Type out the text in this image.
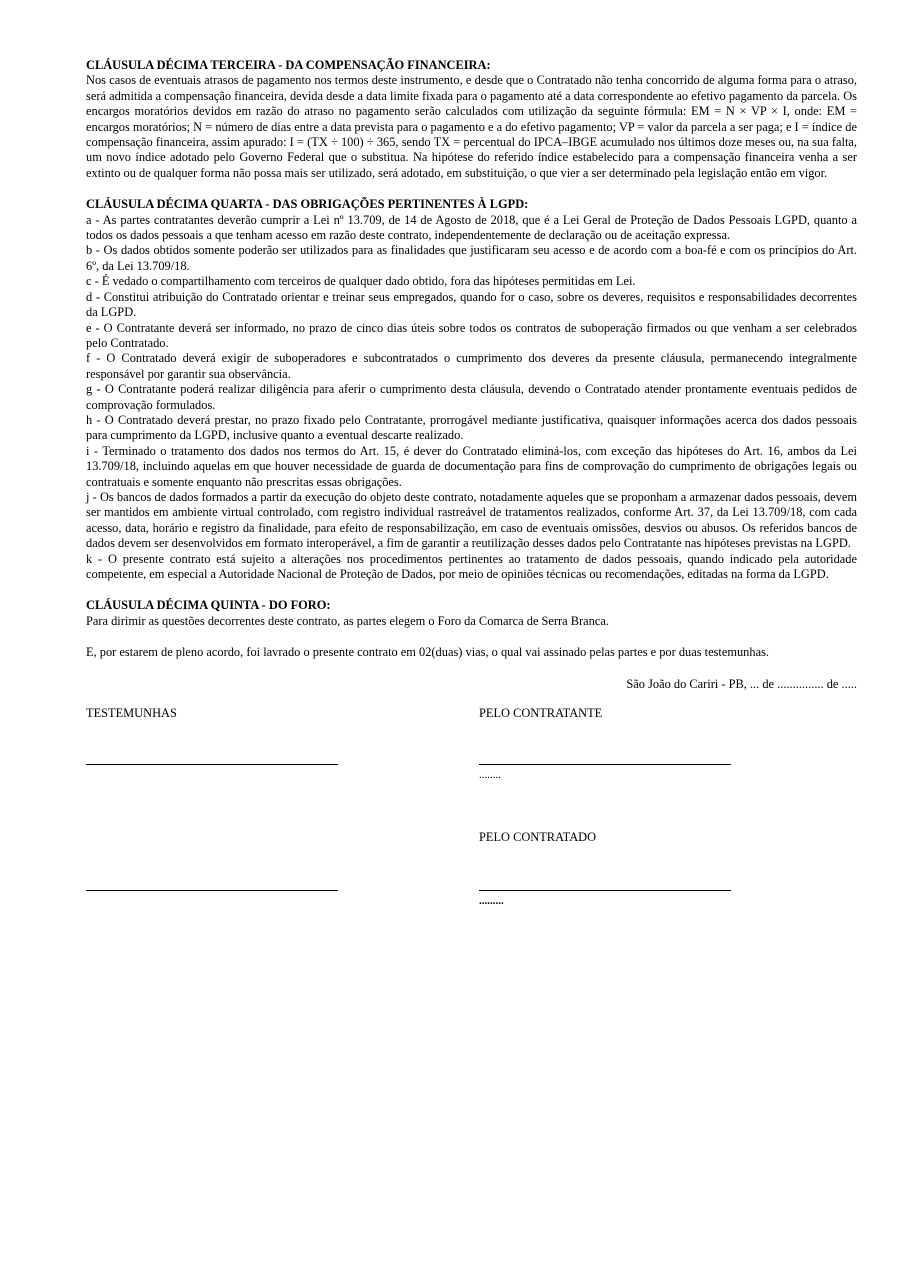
CLÁUSULA DÉCIMA TERCEIRA - DA COMPENSAÇÃO FINANCEIRA:

Nos casos de eventuais atrasos de pagamento nos termos deste instrumento, e desde que o Contratado não tenha concorrido de alguma forma para o atraso, será admitida a compensação financeira, devida desde a data limite fixada para o pagamento até a data correspondente ao efetivo pagamento da parcela. Os encargos moratórios devidos em razão do atraso no pagamento serão calculados com utilização da seguinte fórmula: EM = N × VP × I, onde: EM = encargos moratórios; N = número de dias entre a data prevista para o pagamento e a do efetivo pagamento; VP = valor da parcela a ser paga; e I = índice de compensação financeira, assim apurado: I = (TX ÷ 100) ÷ 365, sendo TX = percentual do IPCA–IBGE acumulado nos últimos doze meses ou, na sua falta, um novo índice adotado pelo Governo Federal que o substitua. Na hipótese do referido índice estabelecido para a compensação financeira venha a ser extinto ou de qualquer forma não possa mais ser utilizado, será adotado, em substituição, o que vier a ser determinado pela legislação então em vigor.

CLÁUSULA DÉCIMA QUARTA - DAS OBRIGAÇÕES PERTINENTES À LGPD:

a - As partes contratantes deverão cumprir a Lei nº 13.709, de 14 de Agosto de 2018, que é a Lei Geral de Proteção de Dados Pessoais LGPD, quanto a todos os dados pessoais a que tenham acesso em razão deste contrato, independentemente de declaração ou de aceitação expressa.

b - Os dados obtidos somente poderão ser utilizados para as finalidades que justificaram seu acesso e de acordo com a boa-fé e com os princípios do Art. 6º, da Lei 13.709/18.

c - É vedado o compartilhamento com terceiros de qualquer dado obtido, fora das hipóteses permitidas em Lei.

d - Constitui atribuição do Contratado orientar e treinar seus empregados, quando for o caso, sobre os deveres, requisitos e responsabilidades decorrentes da LGPD.

e - O Contratante deverá ser informado, no prazo de cinco dias úteis sobre todos os contratos de suboperação firmados ou que venham a ser celebrados pelo Contratado.

f - O Contratado deverá exigir de suboperadores e subcontratados o cumprimento dos deveres da presente cláusula, permanecendo integralmente responsável por garantir sua observância.

g - O Contratante poderá realizar diligência para aferir o cumprimento desta cláusula, devendo o Contratado atender prontamente eventuais pedidos de comprovação formulados.

h - O Contratado deverá prestar, no prazo fixado pelo Contratante, prorrogável mediante justificativa, quaisquer informações acerca dos dados pessoais para cumprimento da LGPD, inclusive quanto a eventual descarte realizado.

i - Terminado o tratamento dos dados nos termos do Art. 15, é dever do Contratado eliminá-los, com exceção das hipóteses do Art. 16, ambos da Lei 13.709/18, incluindo aquelas em que houver necessidade de guarda de documentação para fins de comprovação do cumprimento de obrigações legais ou contratuais e somente enquanto não prescritas essas obrigações.

j - Os bancos de dados formados a partir da execução do objeto deste contrato, notadamente aqueles que se proponham a armazenar dados pessoais, devem ser mantidos em ambiente virtual controlado, com registro individual rastreável de tratamentos realizados, conforme Art. 37, da Lei 13.709/18, com cada acesso, data, horário e registro da finalidade, para efeito de responsabilização, em caso de eventuais omissões, desvios ou abusos. Os referidos bancos de dados devem ser desenvolvidos em formato interoperável, a fim de garantir a reutilização desses dados pelo Contratante nas hipóteses previstas na LGPD.

k - O presente contrato está sujeito a alterações nos procedimentos pertinentes ao tratamento de dados pessoais, quando indicado pela autoridade competente, em especial a Autoridade Nacional de Proteção de Dados, por meio de opiniões técnicas ou recomendações, editadas na forma da LGPD.

CLÁUSULA DÉCIMA QUINTA - DO FORO:

Para dirimir as questões decorrentes deste contrato, as partes elegem o Foro da Comarca de Serra Branca.

E, por estarem de pleno acordo, foi lavrado o presente contrato em 02(duas) vias, o qual vai assinado pelas partes e por duas testemunhas.

São João do Cariri - PB, ... de ............... de .....

TESTEMUNHAS	PELO CONTRATANTE
........
PELO CONTRATADO
.........
